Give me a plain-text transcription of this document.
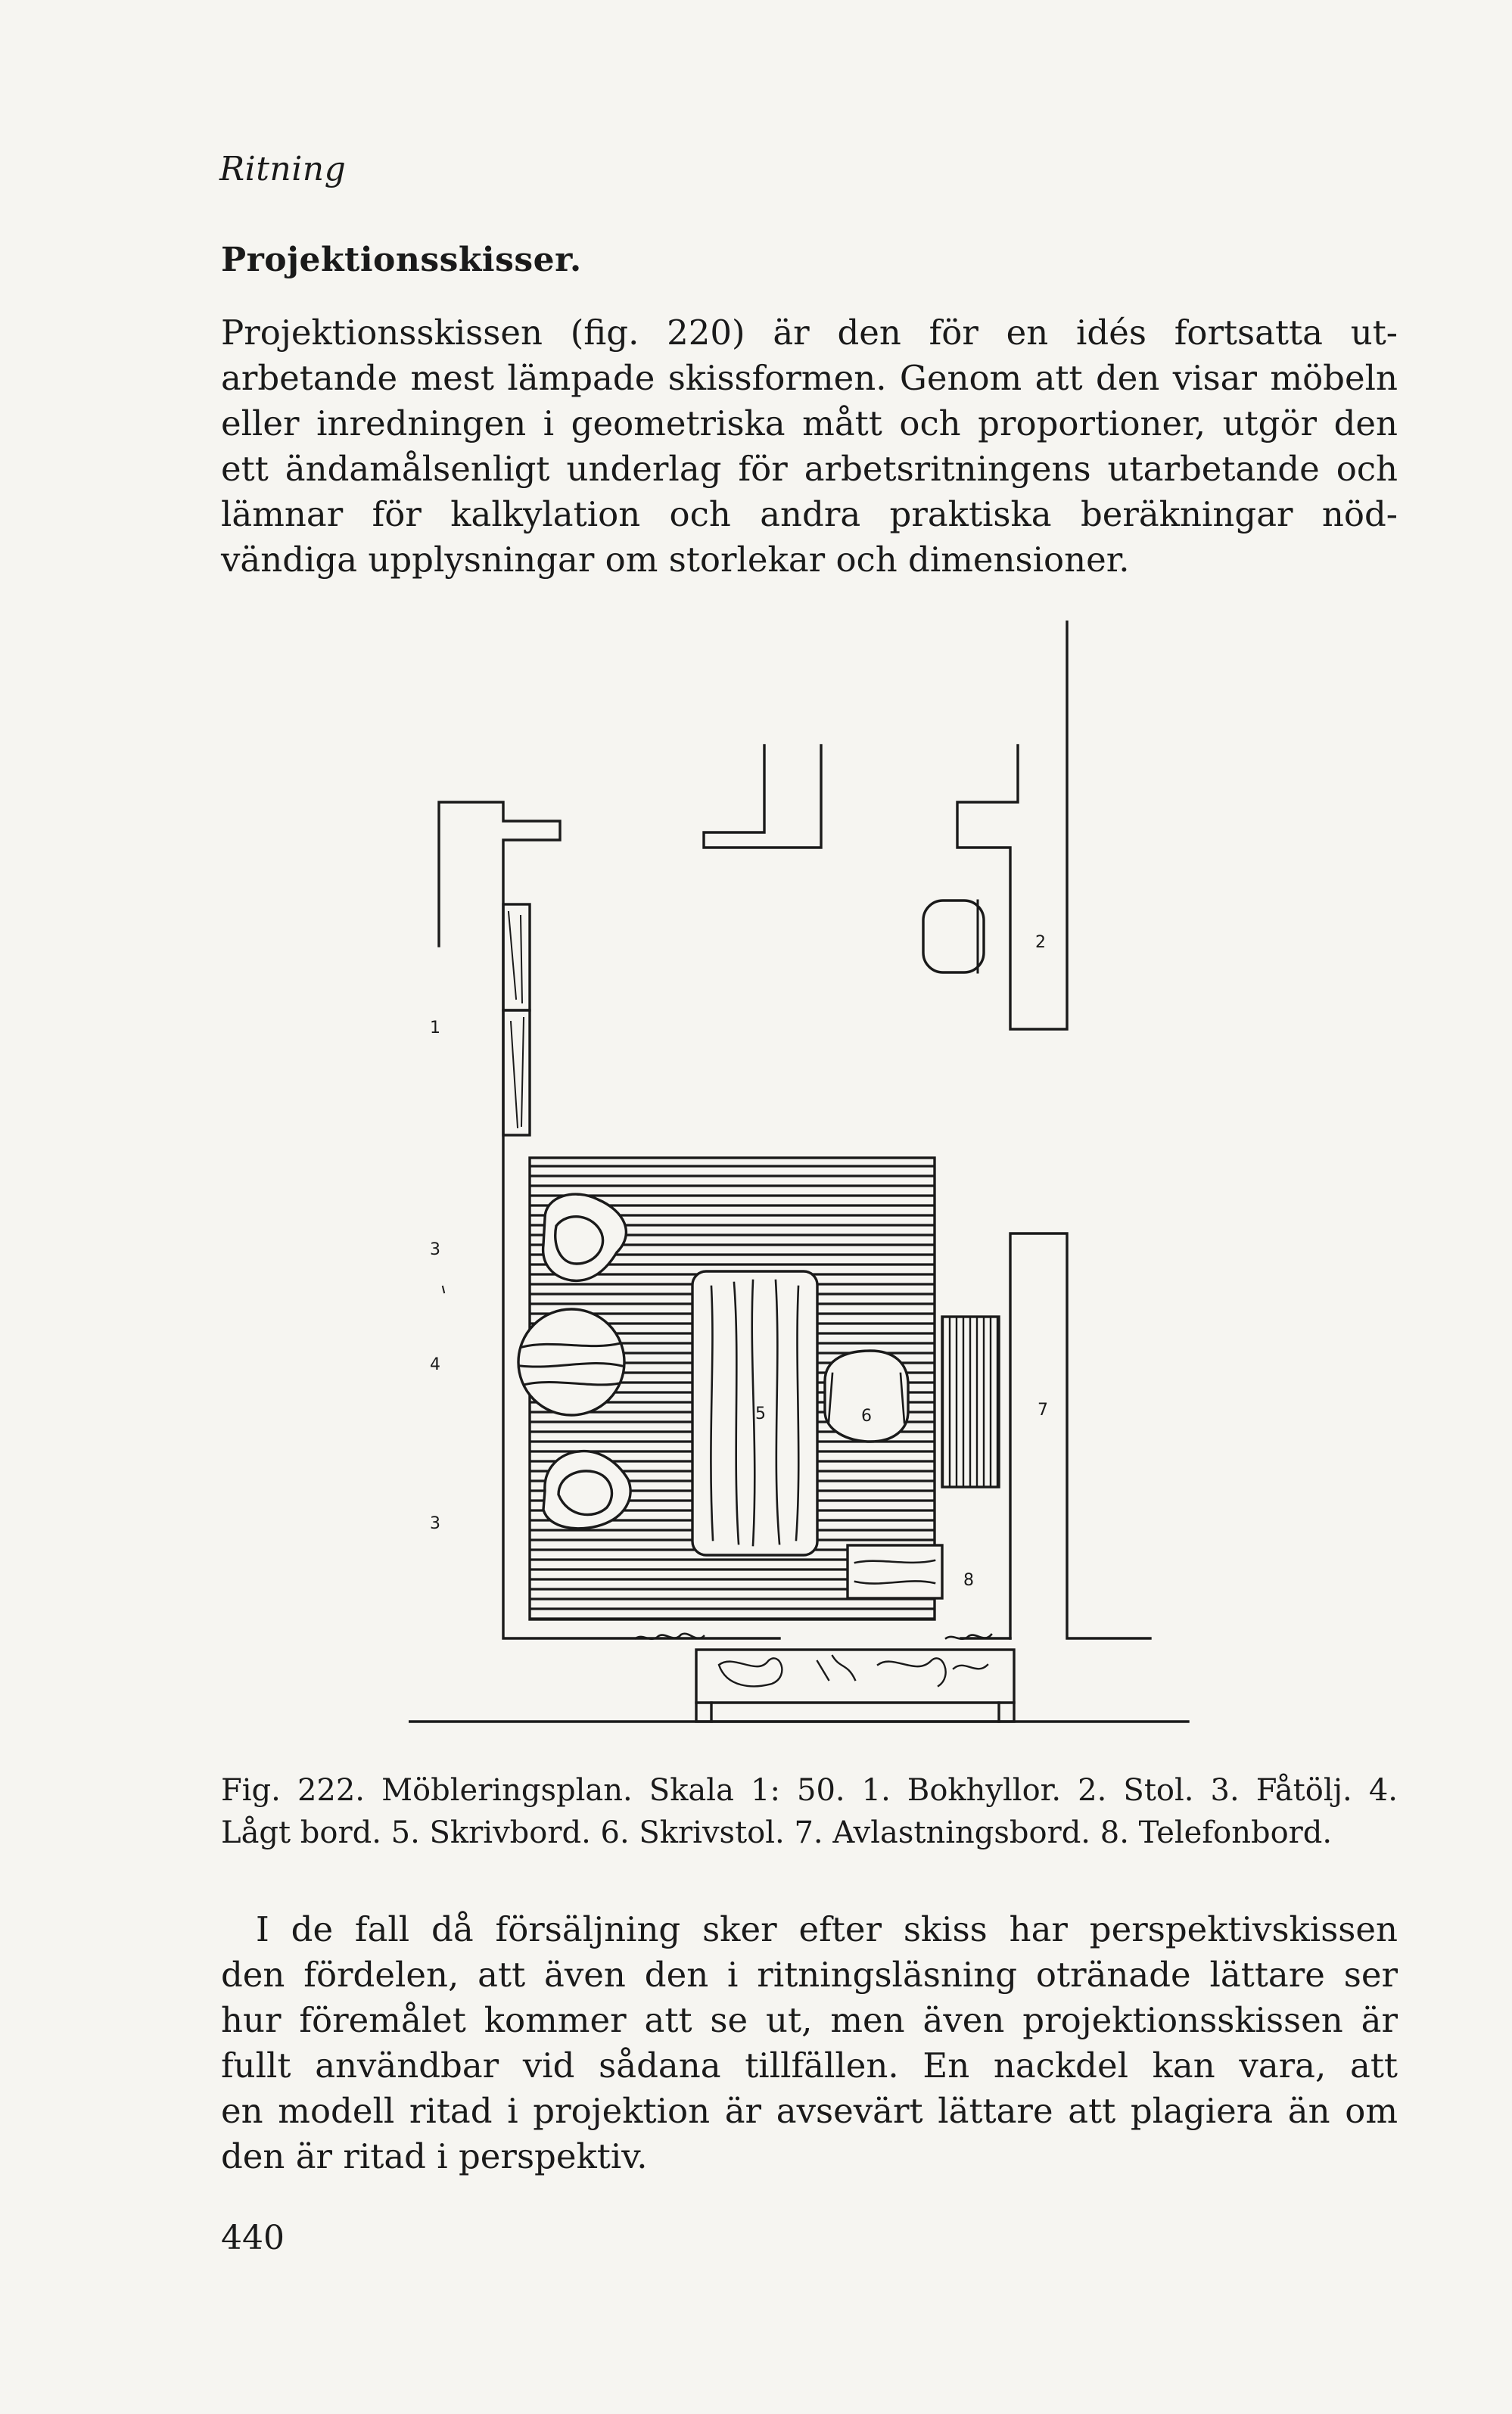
Ritning
Projektionsskisser.

Projektionsskissen (fig. 220) är den för en idés fortsatta ut-
arbetande mest lämpade skissformen. Genom att den visar möbeln
eller inredningen i geometriska mått och proportioner, utgör den
ett ändamålsenligt underlag för arbetsritningens utarbetande och
lämnar för kalkylation och andra praktiska beräkningar nöd-
vändiga upplysningar om storlekar och dimensioner.

1
2
3
4
3
5	6	7
8

Fig. 222. Möbleringsplan. Skala 1: 50. 1. Bokhyllor. 2. Stol. 3. Fåtölj. 4.
Lågt bord. 5. Skrivbord. 6. Skrivstol. 7. Avlastningsbord. 8. Telefonbord.

I de fall då försäljning sker efter skiss har perspektivskissen
den fördelen, att även den i ritningsläsning otränade lättare ser
hur föremålet kommer att se ut, men även projektionsskissen är
fullt användbar vid sådana tillfällen. En nackdel kan vara, att
en modell ritad i projektion är avsevärt lättare att plagiera än om
den är ritad i perspektiv.

440
